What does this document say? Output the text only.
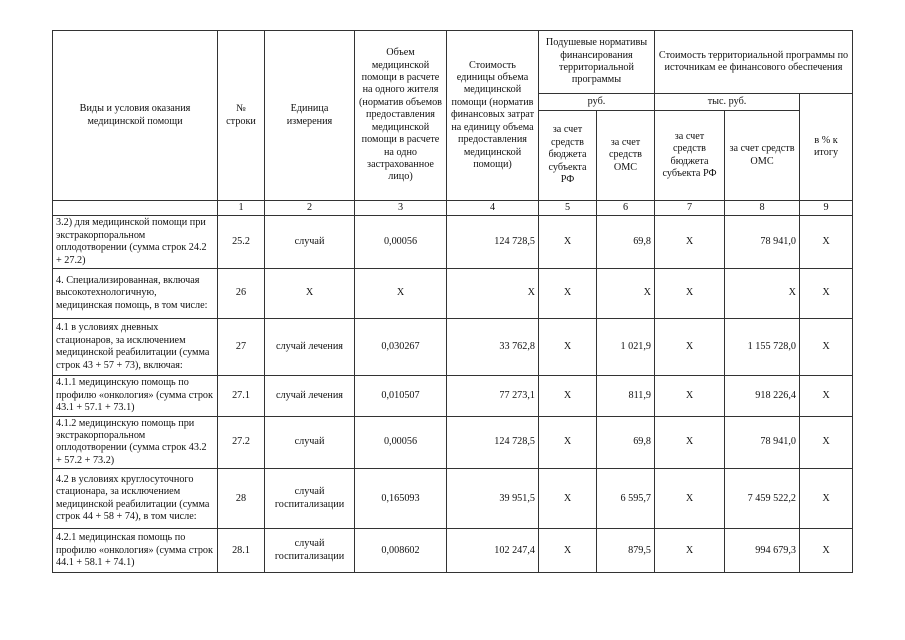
Виды и условия оказания медицинской помощи	№ строки	Единица измерения	Объем медицинской помощи в расчете на одного жителя (норматив объемов предоставления медицинской помощи в расчете на одно застрахованное лицо)	Стоимость единицы объема медицинской помощи (норматив финансовых затрат на единицу объема предоставления медицинской помощи)	Подушевые нормативы финансирования территориальной программы		Стоимость территориальной программы по источникам ее финансового обеспечения		
					руб.		тыс. руб.		в % к итогу
					за счет средств бюджета субъекта РФ	за счет средств ОМС	за счет средств бюджета субъекта РФ	за счет средств ОМС	
	1	2	3	4	5	6	7	8	9
3.2) для медицинской помощи при экстракорпоральном оплодотворении (сумма строк 24.2 + 27.2)	25.2	случай	0,00056	124 728,5	X	69,8	X	78 941,0	X
4. Специализированная, включая высокотехнологичную, медицинская помощь, в том числе:	26	X	X	X	X	X	X	X	X
4.1 в условиях дневных стационаров, за исключением медицинской реабилитации (сумма строк 43 + 57 + 73), включая:	27	случай лечения	0,030267	33 762,8	X	1 021,9	X	1 155 728,0	X
4.1.1 медицинскую помощь по профилю «онкология» (сумма строк 43.1 + 57.1 + 73.1)	27.1	случай лечения	0,010507	77 273,1	X	811,9	X	918 226,4	X
4.1.2 медицинскую помощь при экстракорпоральном оплодотворении (сумма строк 43.2 + 57.2 + 73.2)	27.2	случай	0,00056	124 728,5	X	69,8	X	78 941,0	X
4.2 в условиях круглосуточного стационара, за исключением медицинской реабилитации (сумма строк 44 + 58 + 74), в том числе:	28	случай госпитализации	0,165093	39 951,5	X	6 595,7	X	7 459 522,2	X
4.2.1 медицинская помощь по профилю «онкология» (сумма строк 44.1 + 58.1 + 74.1)	28.1	случай госпитализации	0,008602	102 247,4	X	879,5	X	994 679,3	X
